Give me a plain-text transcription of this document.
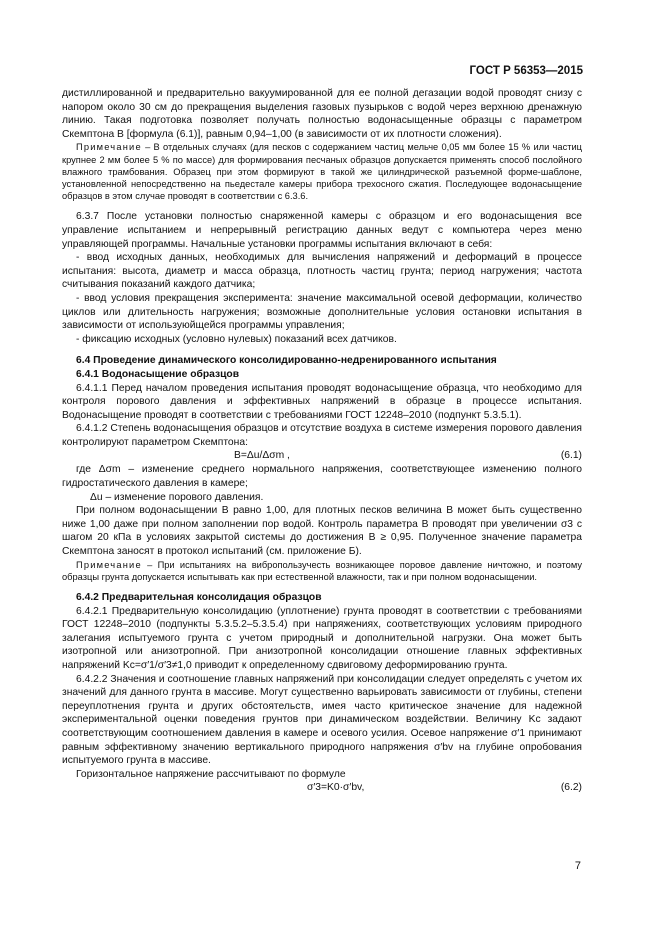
ГОСТ Р 56353—2015

дистиллированной и предварительно вакуумированной для ее полной дегазации водой проводят снизу с напором около 30 см до прекращения выделения газовых пузырьков с водой через верхнюю дренажную линию. Такая подготовка позволяет получать полностью водонасыщенные образцы с параметром Скемптона B [формула (6.1)], равным 0,94–1,00 (в зависимости от их плотности сложения).

Примечание – В отдельных случаях (для песков с содержанием частиц мельче 0,05 мм более 15 % или частиц крупнее 2 мм более 5 % по массе) для формирования песчаных образцов допускается применять способ послойного влажного трамбования. Образец при этом формируют в такой же цилиндрической разъемной форме-шаблоне, установленной непосредственно на пьедестале камеры прибора трехосного сжатия. Последующее водонасыщение образцов в этом случае проводят в соответствии с 6.3.6.

6.3.7 После установки полностью снаряженной камеры с образцом и его водонасыщения все управление испытанием и непрерывный регистрацию данных ведут с компьютера через меню управляющей программы. Начальные установки программы испытания включают в себя:

- ввод исходных данных, необходимых для вычисления напряжений и деформаций в процессе испытания: высота, диаметр и масса образца, плотность частиц грунта; период нагружения; частота считывания показаний каждого датчика;

- ввод условия прекращения эксперимента: значение максимальной осевой деформации, количество циклов или длительность нагружения; возможные дополнительные условия остановки испытания в зависимости от используюйщейся программы управления;

- фиксацию исходных (условно нулевых) показаний всех датчиков.

6.4 Проведение динамического консолидированно-недренированного испытания

6.4.1 Водонасыщение образцов

6.4.1.1 Перед началом проведения испытания проводят водонасыщение образца, что необходимо для контроля порового давления и эффективных напряжений в образце в процессе испытания. Водонасыщение проводят в соответствии с требованиями ГОСТ 12248–2010 (подпункт 5.3.5.1).

6.4.1.2 Степень водонасыщения образцов и отсутствие воздуха в системе измерения порового давления контролируют параметром Скемптона:

B=Δu/Δσm ,	(6.1)

где Δσm – изменение среднего нормального напряжения, соответствующее изменению полного гидростатического давления в камере;

Δu – изменение порового давления.

При полном водонасыщении B равно 1,00, для плотных песков величина B может быть существенно ниже 1,00 даже при полном заполнении пор водой. Контроль параметра B проводят при увеличении σ3 с шагом 20 кПа в условиях закрытой системы до достижения B ≥ 0,95. Полученное значение параметра Скемптона заносят в протокол испытаний (см. приложение Б).

Примечание – При испытаниях на вибропользучесть возникающее поровое давление ничтожно, и поэтому образцы грунта допускается испытывать как при естественной влажности, так и при полном водонасыщении.

6.4.2 Предварительная консолидация образцов

6.4.2.1 Предварительную консолидацию (уплотнение) грунта проводят в соответствии с требованиями ГОСТ 12248–2010 (подпункты 5.3.5.2–5.3.5.4) при напряжениях, соответствующих условиям природного залегания испытуемого грунта с учетом природный и дополнительной нагрузки. Она может быть изотропной или анизотропной. При анизотропной консолидации отношение главных эффективных напряжений Kc=σ′1/σ′3≠1,0 приводит к определенному сдвиговому деформированию грунта.

6.4.2.2 Значения и соотношение главных напряжений при консолидации следует определять с учетом их значений для данного грунта в массиве. Могут существенно варьировать зависимости от глубины, степени переуплотнения грунта и других обстоятельств, имея часто критическое значение для надежной экспериментальной оценки поведения грунтов при динамическом воздействии. Величину Kc задают соответствующим соотношением давления в камере и осевого усилия. Осевое напряжение σ′1 принимают равным эффективному значению вертикального природного напряжения σ′bv на глубине опробования испытуемого грунта в массиве.

Горизонтальное напряжение рассчитывают по формуле

σ′3=K0·σ′bv,	(6.2)
7
